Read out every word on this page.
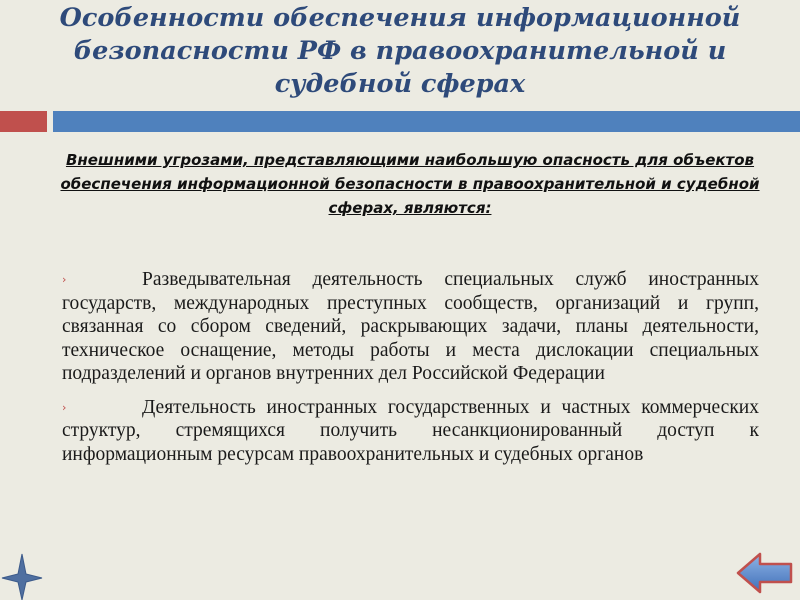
Особенности обеспечения информационной безопасности РФ в правоохранительной и судебной сферах
Внешними угрозами, представляющими наибольшую опасность для объектов обеспечения информационной безопасности в правоохранительной и судебной сферах, являются:
›	Разведывательная деятельность специальных служб иностранных государств, международных преступных сообществ, организаций и групп, связанная со сбором сведений, раскрывающих задачи, планы деятельности, техническое оснащение, методы работы и места дислокации специальных подразделений и органов внутренних дел Российской Федерации
›	Деятельность иностранных государственных и частных коммерческих структур, стремящихся получить несанкционированный доступ к информационным ресурсам правоохранительных и судебных органов
